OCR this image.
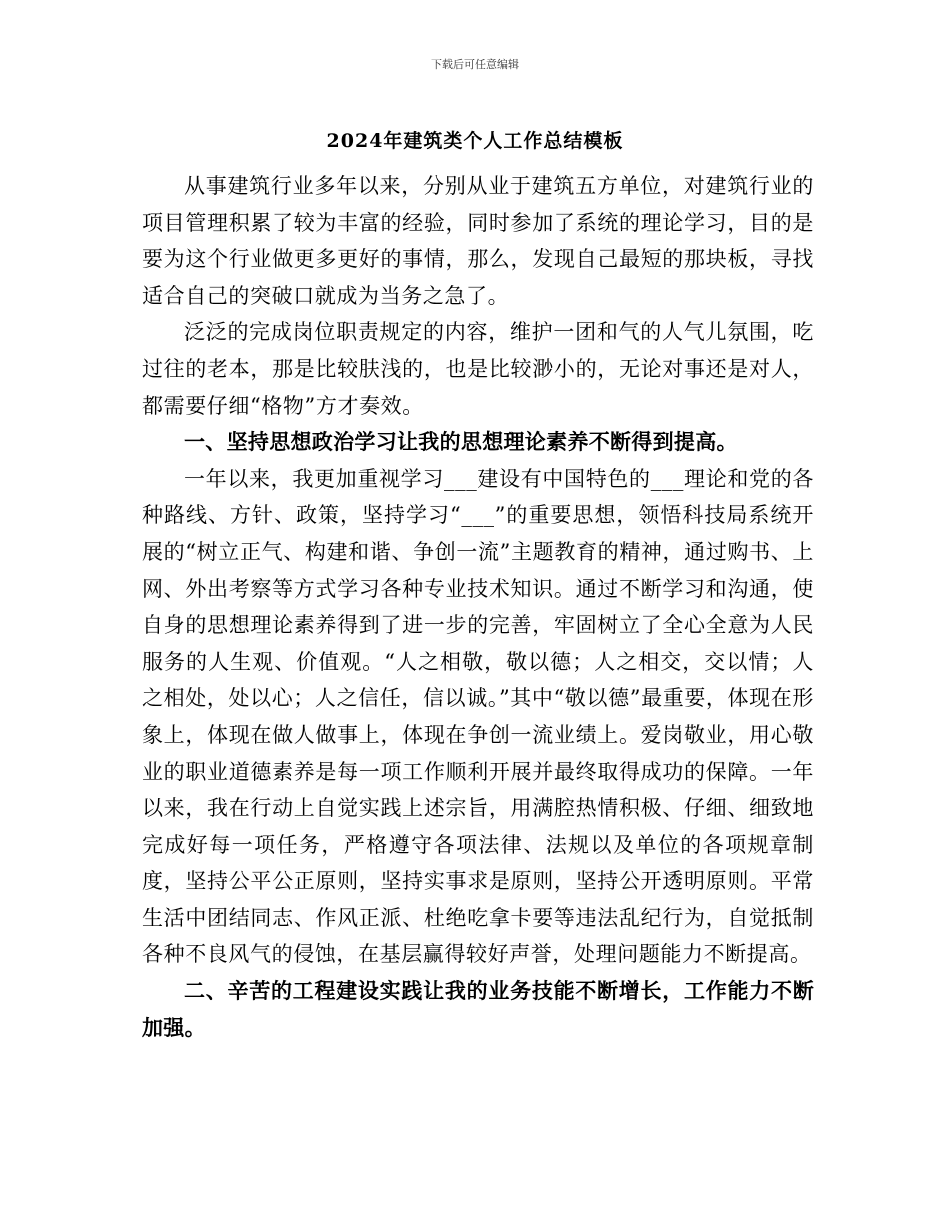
下载后可任意编辑
2024年建筑类个人工作总结模板

从事建筑行业多年以来，分别从业于建筑五方单位，对建筑行业的项目管理积累了较为丰富的经验，同时参加了系统的理论学习，目的是要为这个行业做更多更好的事情，那么，发现自己最短的那块板，寻找适合自己的突破口就成为当务之急了。

泛泛的完成岗位职责规定的内容，维护一团和气的人气儿氛围，吃过往的老本，那是比较肤浅的，也是比较渺小的，无论对事还是对人，都需要仔细“格物”方才奏效。

一、坚持思想政治学习让我的思想理论素养不断得到提高。

一年以来，我更加重视学习___建设有中国特色的___理论和党的各种路线、方针、政策，坚持学习“___”的重要思想，领悟科技局系统开展的“树立正气、构建和谐、争创一流”主题教育的精神，通过购书、上网、外出考察等方式学习各种专业技术知识。通过不断学习和沟通，使自身的思想理论素养得到了进一步的完善，牢固树立了全心全意为人民服务的人生观、价值观。“人之相敬，敬以德；人之相交，交以情；人之相处，处以心；人之信任，信以诚。”其中“敬以德”最重要，体现在形象上，体现在做人做事上，体现在争创一流业绩上。爱岗敬业，用心敬业的职业道德素养是每一项工作顺利开展并最终取得成功的保障。一年以来，我在行动上自觉实践上述宗旨，用满腔热情积极、仔细、细致地完成好每一项任务，严格遵守各项法律、法规以及单位的各项规章制度，坚持公平公正原则，坚持实事求是原则，坚持公开透明原则。平常生活中团结同志、作风正派、杜绝吃拿卡要等违法乱纪行为，自觉抵制各种不良风气的侵蚀，在基层赢得较好声誉，处理问题能力不断提高。

二、辛苦的工程建设实践让我的业务技能不断增长，工作能力不断加强。
